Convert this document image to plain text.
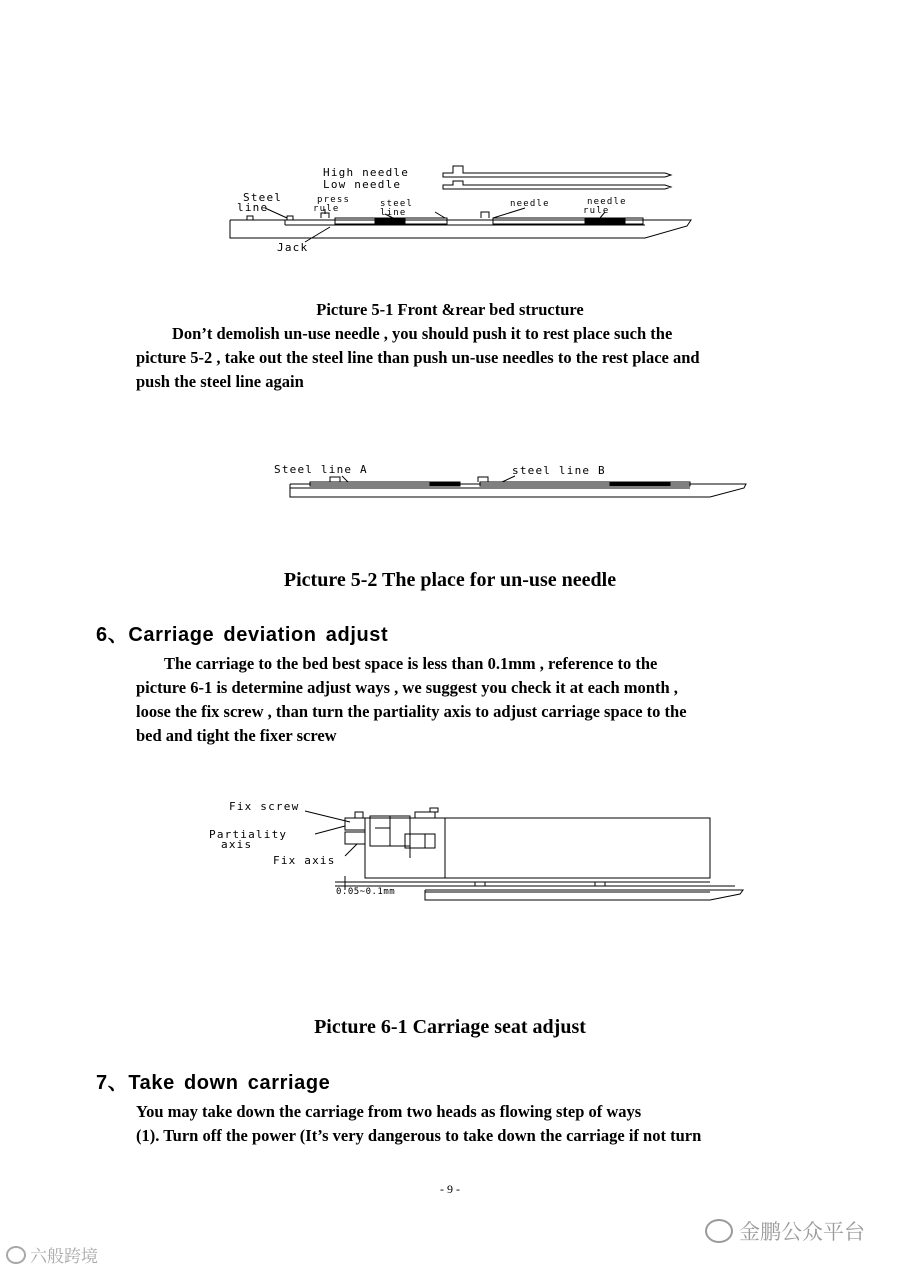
High needle
Low needle
Steel
line
press
rule	steel
line
needle	needle
rule
Jack
Picture 5-1 Front &rear bed structure
Don’t demolish un-use needle , you should push it to rest place such the
picture 5-2 , take out the steel line than push un-use needles to the rest place and
push the steel line again
Steel line A	steel line B
Picture 5-2 The place for un-use needle
6、Carriage deviation adjust
The carriage to the bed best space is less than 0.1mm , reference to the
picture 6-1 is determine adjust ways , we suggest you check it at each month ,
loose the fix screw , than turn the partiality axis to adjust carriage space to the
bed and tight the fixer screw
Fix screw
Partiality
axis
Fix axis
0.05~0.1mm
Picture 6-1 Carriage seat adjust
7、Take down carriage
You may take down the carriage from two heads as flowing step of ways
(1). Turn off the power (It’s very dangerous to take down the carriage if not turn
- 9 -
金鹏公众平台
六般跨境
